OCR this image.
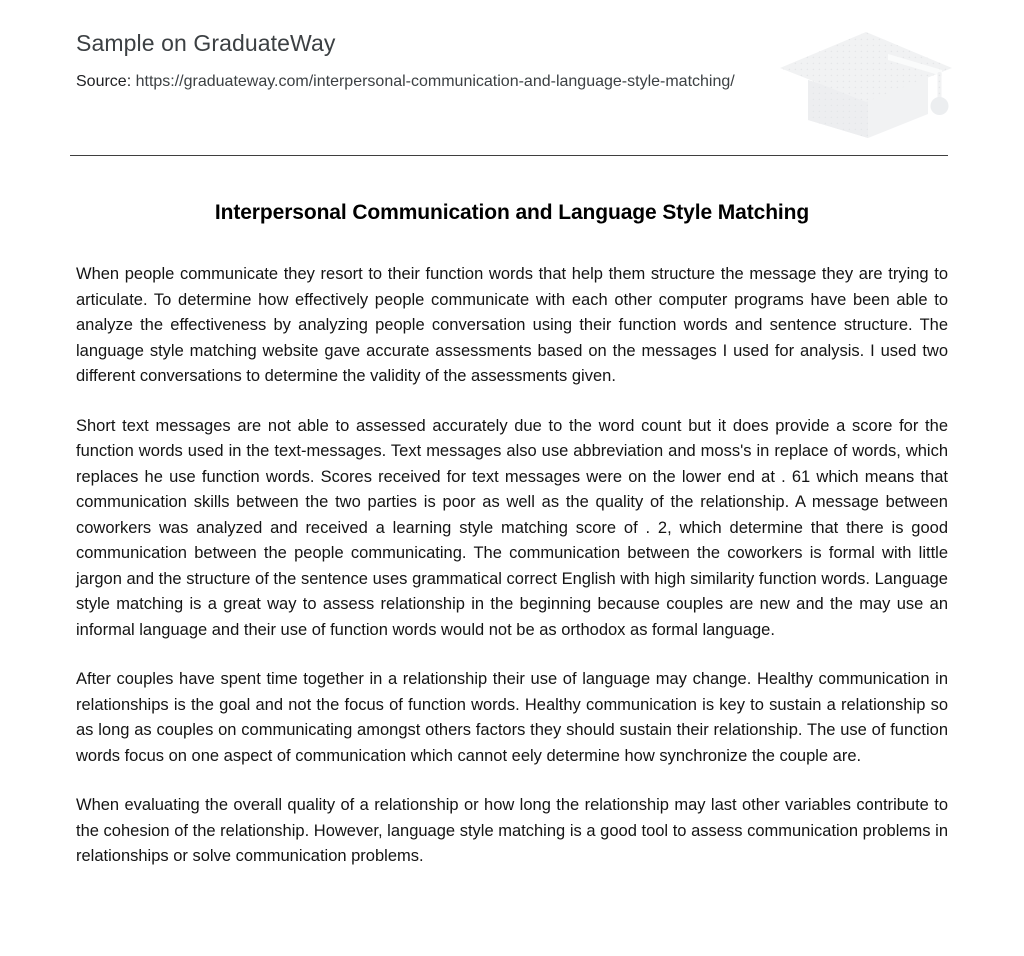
Sample on GraduateWay
Source: https://graduateway.com/interpersonal-communication-and-language-style-matching/
Interpersonal Communication and Language Style Matching

When people communicate they resort to their function words that help them structure the message they are trying to articulate. To determine how effectively people communicate with each other computer programs have been able to analyze the effectiveness by analyzing people conversation using their function words and sentence structure. The language style matching website gave accurate assessments based on the messages I used for analysis. I used two different conversations to determine the validity of the assessments given.

Short text messages are not able to assessed accurately due to the word count but it does provide a score for the function words used in the text-messages. Text messages also use abbreviation and moss's in replace of words, which replaces he use function words. Scores received for text messages were on the lower end at . 61 which means that communication skills between the two parties is poor as well as the quality of the relationship. A message between coworkers was analyzed and received a learning style matching score of . 2, which determine that there is good communication between the people communicating. The communication between the coworkers is formal with little jargon and the structure of the sentence uses grammatical correct English with high similarity function words. Language style matching is a great way to assess relationship in the beginning because couples are new and the may use an informal language and their use of function words would not be as orthodox as formal language.

After couples have spent time together in a relationship their use of language may change. Healthy communication in relationships is the goal and not the focus of function words. Healthy communication is key to sustain a relationship so as long as couples on communicating amongst others factors they should sustain their relationship. The use of function words focus on one aspect of communication which cannot eely determine how synchronize the couple are.

When evaluating the overall quality of a relationship or how long the relationship may last other variables contribute to the cohesion of the relationship. However, language style matching is a good tool to assess communication problems in relationships or solve communication problems.
